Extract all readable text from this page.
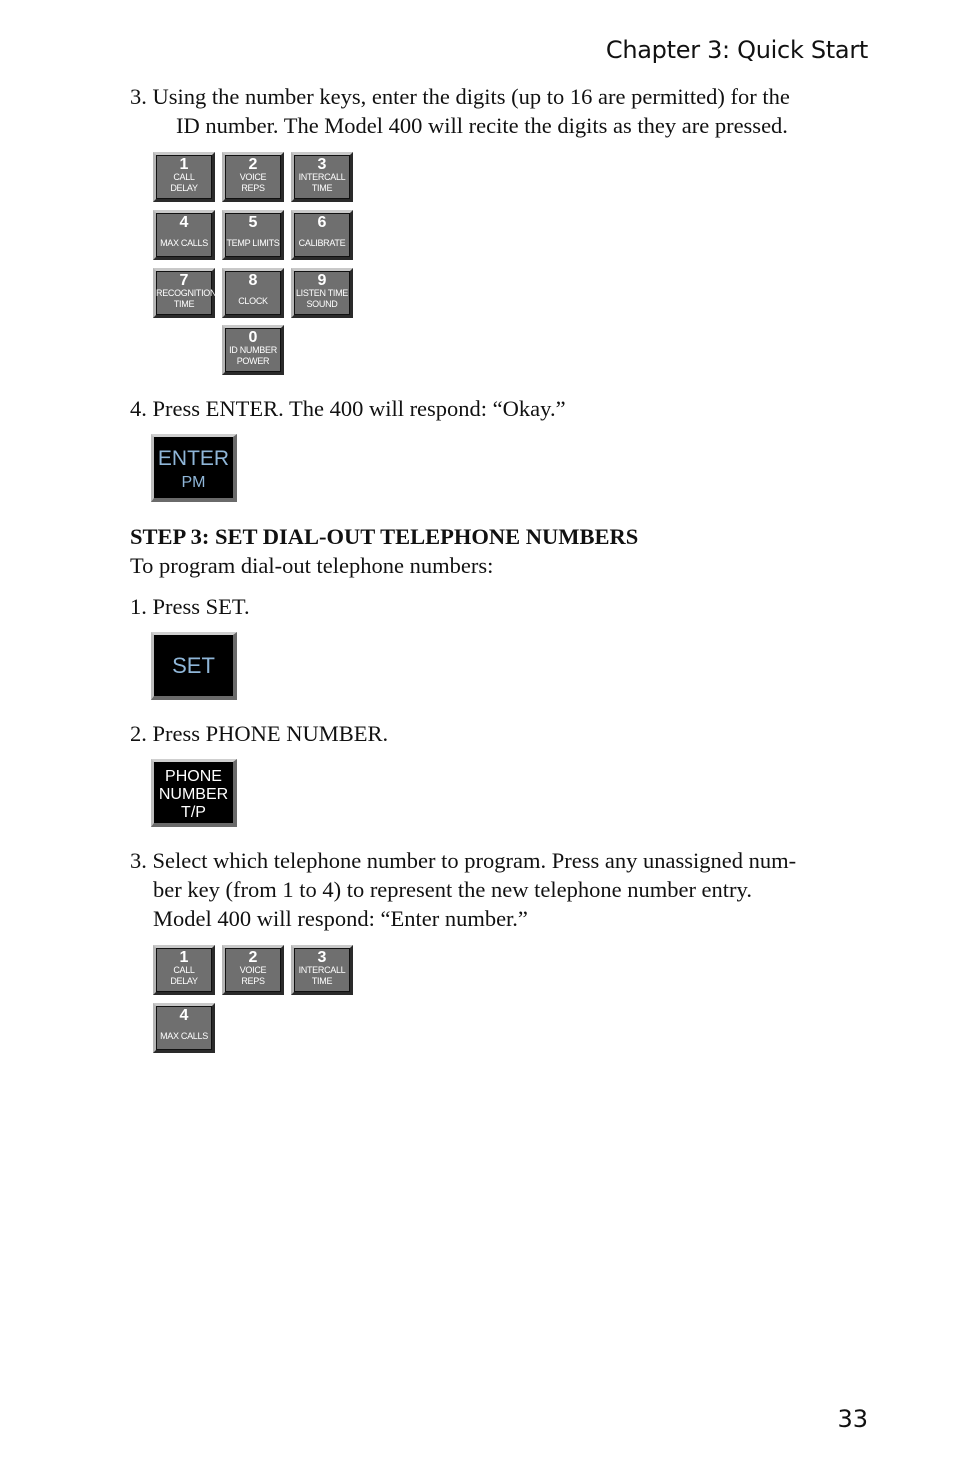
Chapter 3: Quick Start
3. Using the number keys, enter the digits (up to 16 are permitted) for the
ID number. The Model 400 will recite the digits as they are pressed.
1
CALL
DELAY
2
VOICE
REPS
3
INTERCALL
TIME
4
MAX CALLS
5
TEMP LIMITS
6
CALIBRATE
7
RECOGNITION
TIME
8
CLOCK
9
LISTEN TIME
SOUND
0
ID NUMBER
POWER
4. Press ENTER. The 400 will respond: “Okay.”
ENTER
PM
STEP 3: SET DIAL-OUT TELEPHONE NUMBERS
To program dial-out telephone numbers:
1. Press SET.
SET
2. Press PHONE NUMBER.
PHONE
NUMBER
T/P
3. Select which telephone number to program. Press any unassigned num-
ber key (from 1 to 4) to represent the new telephone number entry.
Model 400 will respond: “Enter number.”
1
CALL
DELAY
2
VOICE
REPS
3
INTERCALL
TIME
4
MAX CALLS
33
